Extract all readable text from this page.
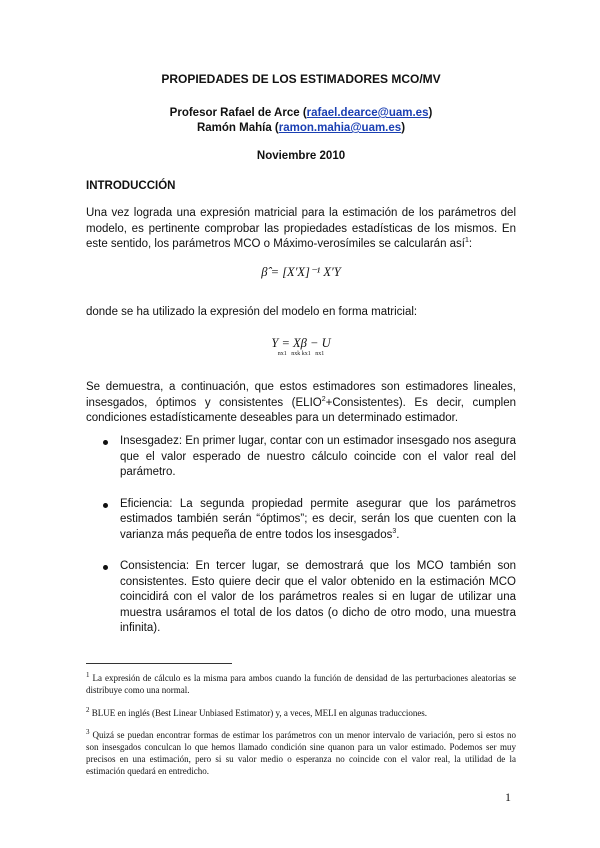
PROPIEDADES DE LOS ESTIMADORES MCO/MV
Profesor Rafael de Arce (rafael.dearce@uam.es)
Ramón Mahía (ramon.mahia@uam.es)
Noviembre 2010
INTRODUCCIÓN
Una vez lograda una expresión matricial para la estimación de los parámetros del modelo, es pertinente comprobar las propiedades estadísticas de los mismos. En este sentido, los parámetros MCO o Máximo-verosímiles se calcularán así$^1$:
β̂ = [X′X]⁻¹ X′Y
donde se ha utilizado la expresión del modelo en forma matricial:
Y = Xβ − U
nx1 nxk kx1 nx1
Se demuestra, a continuación, que estos estimadores son estimadores lineales, insesgados, óptimos y consistentes $(ELIO^2+Consistentes)$. Es decir, cumplen condiciones estadísticamente deseables para un determinado estimador.
Insesgadez: En primer lugar, contar con un estimador insesgado nos asegura que el valor esperado de nuestro cálculo coincide con el valor real del parámetro.
Eficiencia: La segunda propiedad permite asegurar que los parámetros estimados también serán “óptimos”; es decir, serán los que cuenten con la varianza más pequeña de entre todos los insesgados$^3$.
Consistencia: En tercer lugar, se demostrará que los MCO también son consistentes. Esto quiere decir que el valor obtenido en la estimación MCO coincidirá con el valor de los parámetros reales si en lugar de utilizar una muestra usáramos el total de los datos (o dicho de otro modo, una muestra infinita).
$^1$ La expresión de cálculo es la misma para ambos cuando la función de densidad de las perturbaciones aleatorias se distribuye como una normal.
$^2$ BLUE en inglés (Best Linear Unbiased Estimator) y, a veces, MELI en algunas traducciones.
$^3$ Quizá se puedan encontrar formas de estimar los parámetros con un menor intervalo de variación, pero si estos no son insesgados conculcan lo que hemos llamado condición sine quanon para un valor estimado. Podemos ser muy precisos en una estimación, pero si su valor medio o esperanza no coincide con el valor real, la utilidad de la estimación quedará en entredicho.
1
